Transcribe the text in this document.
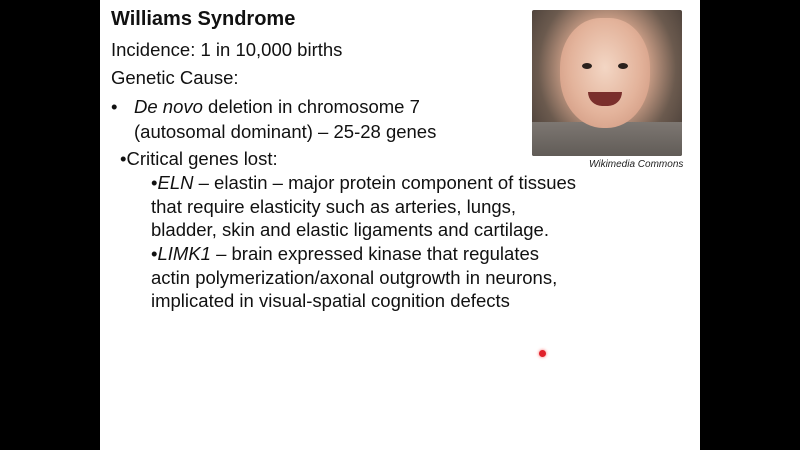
Williams Syndrome
Incidence: 1 in 10,000 births
Genetic Cause:
• De novo deletion in chromosome 7
(autosomal dominant) – 25-28 genes
•Critical genes lost:
•ELN – elastin – major protein component of tissues
that require elasticity such as arteries, lungs,
bladder, skin and elastic ligaments and cartilage.
•LIMK1 – brain expressed kinase that regulates
actin polymerization/axonal outgrowth in neurons,
implicated in visual-spatial cognition defects
Wikimedia Commons
